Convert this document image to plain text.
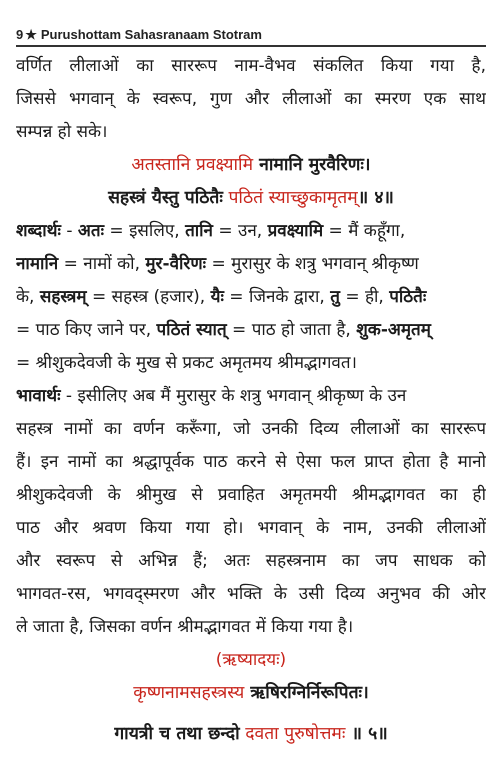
9 ★ Purushottam Sahasranaam Stotram
वर्णित लीलाओं का साररूप नाम-वैभव संकलित किया गया है,
जिससे भगवान् के स्वरूप, गुण और लीलाओं का स्मरण एक साथ
सम्पन्न हो सके।
अतस्तानि प्रवक्ष्यामि नामानि मुरवैरिणः।
सहस्त्रं यैस्तु पठितैः पठितं स्याच्छुकामृतम्॥ ४॥
शब्दार्थः - अतः = इसलिए, तानि = उन, प्रवक्ष्यामि = मैं कहूँगा,
नामानि = नामों को, मुर-वैरिणः = मुरासुर के शत्रु भगवान् श्रीकृष्ण
के, सहस्त्रम् = सहस्त्र (हजार), यैः = जिनके द्वारा, तु = ही, पठितैः
= पाठ किए जाने पर, पठितं स्यात् = पाठ हो जाता है, शुक-अमृतम्
= श्रीशुकदेवजी के मुख से प्रकट अमृतमय श्रीमद्भागवत।
भावार्थः - इसीलिए अब मैं मुरासुर के शत्रु भगवान् श्रीकृष्ण के उन
सहस्त्र नामों का वर्णन करूँगा, जो उनकी दिव्य लीलाओं का साररूप
हैं। इन नामों का श्रद्धापूर्वक पाठ करने से ऐसा फल प्राप्त होता है मानो
श्रीशुकदेवजी के श्रीमुख से प्रवाहित अमृतमयी श्रीमद्भागवत का ही
पाठ और श्रवण किया गया हो। भगवान् के नाम, उनकी लीलाओं
और स्वरूप से अभिन्न हैं; अतः सहस्त्रनाम का जप साधक को
भागवत-रस, भगवद्स्मरण और भक्ति के उसी दिव्य अनुभव की ओर
ले जाता है, जिसका वर्णन श्रीमद्भागवत में किया गया है।
(ऋष्यादयः)
कृष्णनामसहस्त्रस्य ऋषिरग्निर्निरूपितः।
गायत्री च तथा छन्दो दवता पुरुषोत्तमः ॥ ५॥
